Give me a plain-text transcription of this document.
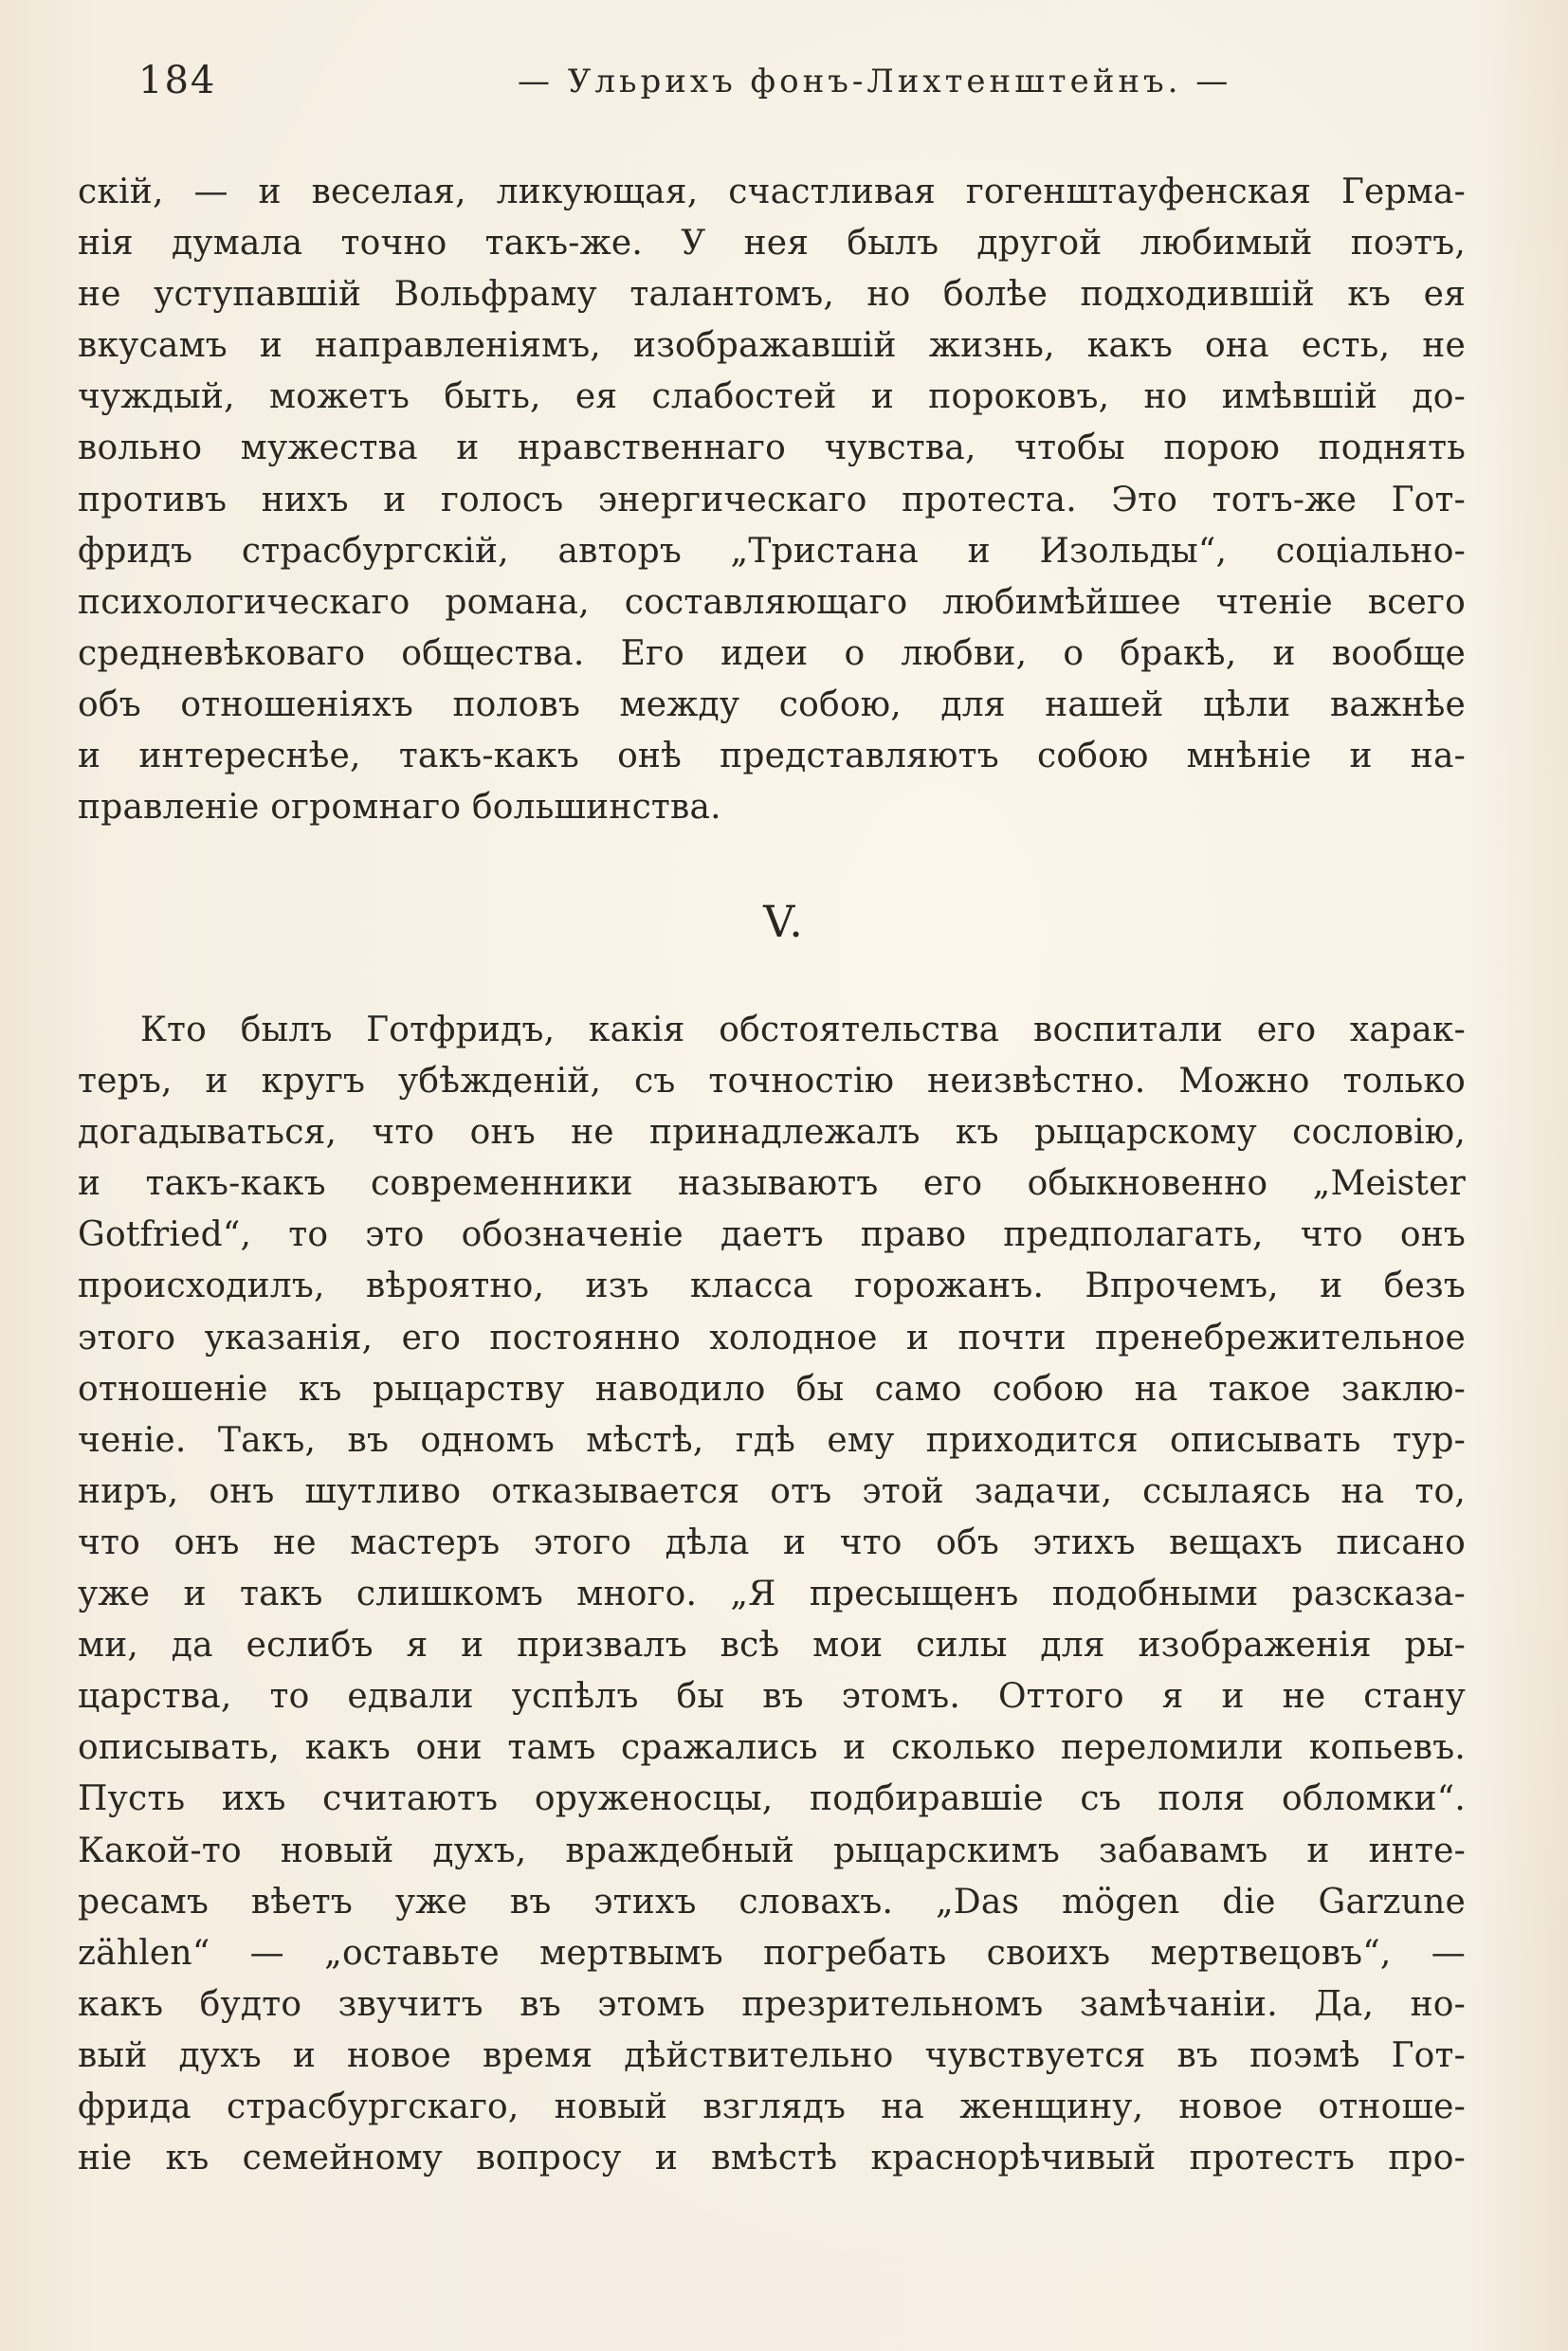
184	— Ульрихъ фонъ-Лихтенштейнъ. —
скій, — и веселая, ликующая, счастливая гогенштауфенская Герма-
нія думала точно такъ-же. У нея былъ другой любимый поэтъ,
не уступавшій Вольфраму талантомъ, но болѣе подходившій къ ея
вкусамъ и направленіямъ, изображавшій жизнь, какъ она есть, не
чуждый, можетъ быть, ея слабостей и пороковъ, но имѣвшій до-
вольно мужества и нравственнаго чувства, чтобы порою поднять
противъ нихъ и голосъ энергическаго протеста. Это тотъ-же Гот-
фридъ страсбургскій, авторъ „Тристана и Изольды“, соціально-
психологическаго романа, составляющаго любимѣйшее чтеніе всего
средневѣковаго общества. Его идеи о любви, о бракѣ, и вообще
объ отношеніяхъ половъ между собою, для нашей цѣли важнѣе
и интереснѣе, такъ-какъ онѣ представляютъ собою мнѣніе и на-
правленіе огромнаго большинства.
V.
Кто былъ Готфридъ, какія обстоятельства воспитали его харак-
теръ, и кругъ убѣжденій, съ точностію неизвѣстно. Можно только
догадываться, что онъ не принадлежалъ къ рыцарскому сословію,
и такъ-какъ современники называютъ его обыкновенно „Meister
Gotfried“, то это обозначеніе даетъ право предполагать, что онъ
происходилъ, вѣроятно, изъ класса горожанъ. Впрочемъ, и безъ
этого указанія, его постоянно холодное и почти пренебрежительное
отношеніе къ рыцарству наводило бы само собою на такое заклю-
ченіе. Такъ, въ одномъ мѣстѣ, гдѣ ему приходится описывать тур-
ниръ, онъ шутливо отказывается отъ этой задачи, ссылаясь на то,
что онъ не мастеръ этого дѣла и что объ этихъ вещахъ писано
уже и такъ слишкомъ много. „Я пресыщенъ подобными разсказа-
ми, да еслибъ я и призвалъ всѣ мои силы для изображенія ры-
царства, то едвали успѣлъ бы въ этомъ. Оттого я и не стану
описывать, какъ они тамъ сражались и сколько переломили копьевъ.
Пусть ихъ считаютъ оруженосцы, подбиравшіе съ поля обломки“.
Какой-то новый духъ, враждебный рыцарскимъ забавамъ и инте-
ресамъ вѣетъ уже въ этихъ словахъ. „Das mögen die Garzune
zählen“ — „оставьте мертвымъ погребать своихъ мертвецовъ“, —
какъ будто звучитъ въ этомъ презрительномъ замѣчаніи. Да, но-
вый духъ и новое время дѣйствительно чувствуется въ поэмѣ Гот-
фрида страсбургскаго, новый взглядъ на женщину, новое отноше-
ніе къ семейному вопросу и вмѣстѣ краснорѣчивый протестъ про-
